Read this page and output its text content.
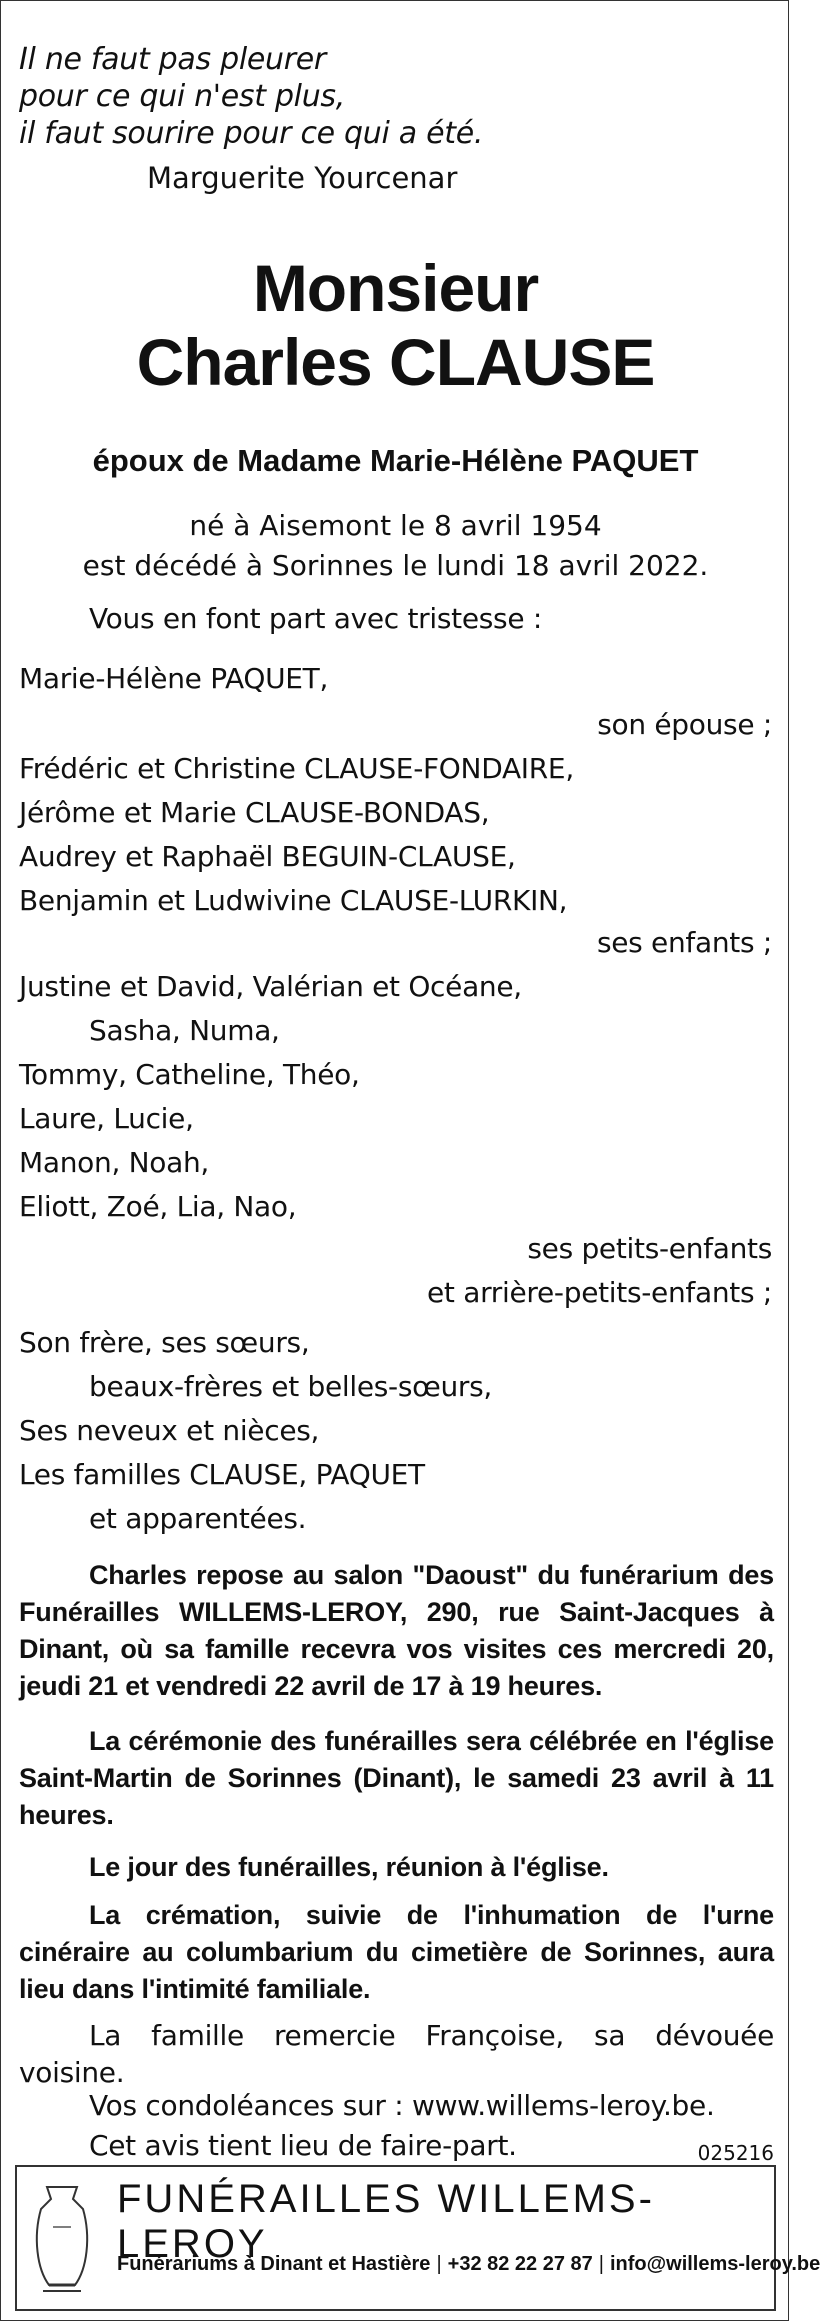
Il ne faut pas pleurer
pour ce qui n'est plus,
il faut sourire pour ce qui a été.
Marguerite Yourcenar
Monsieur
Charles CLAUSE
époux de Madame Marie-Hélène PAQUET
né à Aisemont le 8 avril 1954
est décédé à Sorinnes le lundi 18 avril 2022.
Vous en font part avec tristesse :
Marie-Hélène PAQUET,
son épouse ;
Frédéric et Christine CLAUSE-FONDAIRE,
Jérôme et Marie CLAUSE-BONDAS,
Audrey et Raphaël BEGUIN-CLAUSE,
Benjamin et Ludwivine CLAUSE-LURKIN,
ses enfants ;
Justine et David, Valérian et Océane,
Sasha, Numa,
Tommy, Catheline, Théo,
Laure, Lucie,
Manon, Noah,
Eliott, Zoé, Lia, Nao,
ses petits-enfants
et arrière-petits-enfants ;
Son frère, ses sœurs,
beaux-frères et belles-sœurs,
Ses neveux et nièces,
Les familles CLAUSE, PAQUET
et apparentées.
Charles repose au salon "Daoust" du funérarium des Funérailles WILLEMS-LEROY, 290, rue Saint-Jacques à Dinant, où sa famille recevra vos visites ces mercredi 20, jeudi 21 et vendredi 22 avril de 17 à 19 heures.
La cérémonie des funérailles sera célébrée en l'église Saint-Martin de Sorinnes (Dinant), le samedi 23 avril à 11 heures.
Le jour des funérailles, réunion à l'église.
La crémation, suivie de l'inhumation de l'urne cinéraire au columbarium du cimetière de Sorinnes, aura lieu dans l'intimité familiale.
La famille remercie Françoise, sa dévouée voisine.
Vos condoléances sur : www.willems-leroy.be.
Cet avis tient lieu de faire-part.	025216
FUNÉRAILLES WILLEMS-LEROY
Funérariums à Dinant et Hastière | +32 82 22 27 87 | info@willems-leroy.be
